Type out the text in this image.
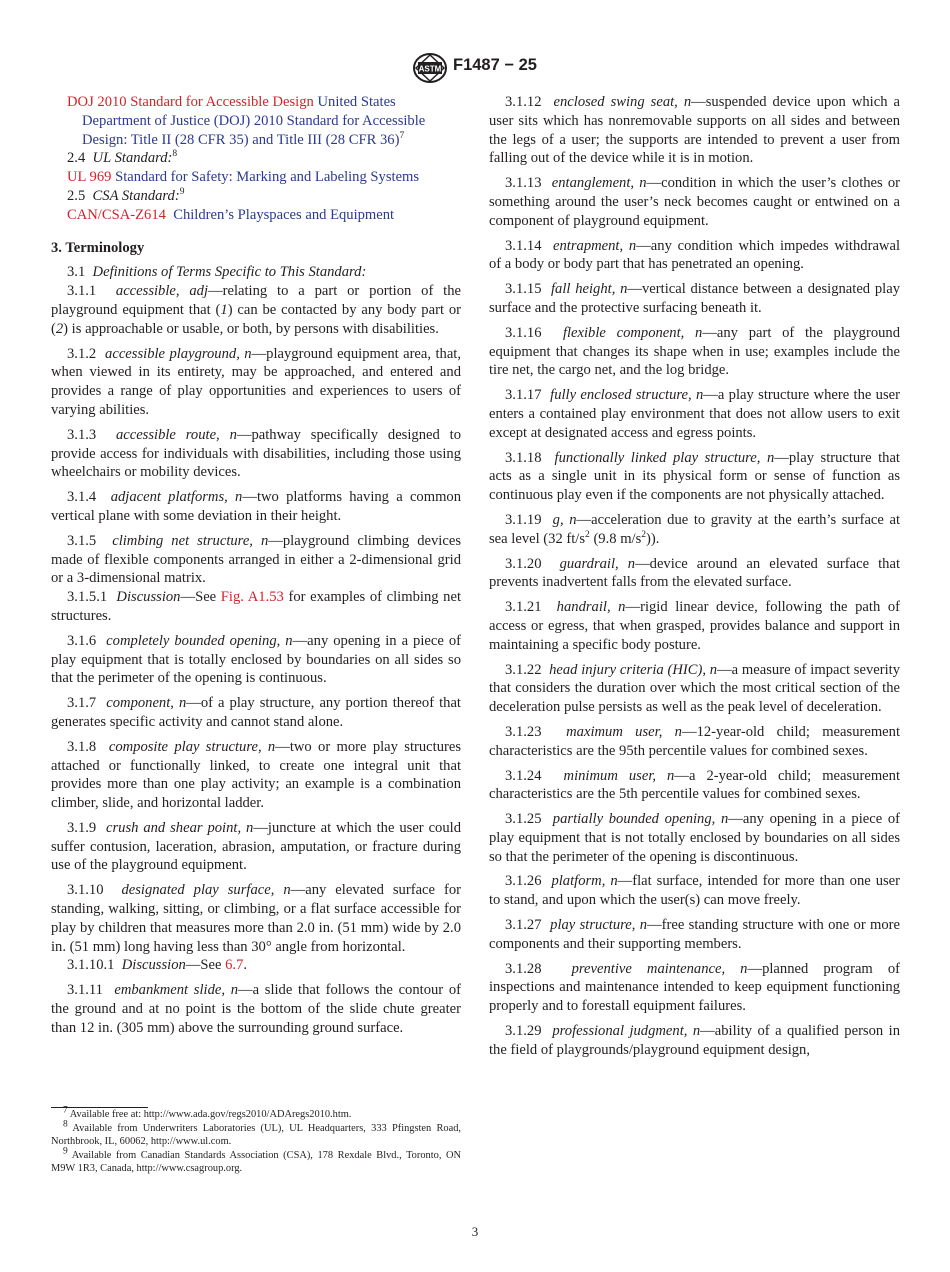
ASTM F1487 − 25

DOJ 2010 Standard for Accessible Design United States Department of Justice (DOJ) 2010 Standard for Accessible Design: Title II (28 CFR 35) and Title III (28 CFR 36)$^7$

2.4 UL Standard:$^8$

UL 969 Standard for Safety: Marking and Labeling Systems

2.5 CSA Standard:$^9$

CAN/CSA-Z614 Children’s Playspaces and Equipment

3. Terminology

3.1 Definitions of Terms Specific to This Standard:

3.1.1 accessible, adj—relating to a part or portion of the playground equipment that (1) can be contacted by any body part or (2) is approachable or usable, or both, by persons with disabilities.

3.1.2 accessible playground, n—playground equipment area, that, when viewed in its entirety, may be approached, and entered and provides a range of play opportunities and experiences to users of varying abilities.

3.1.3 accessible route, n—pathway specifically designed to provide access for individuals with disabilities, including those using wheelchairs or mobility devices.

3.1.4 adjacent platforms, n—two platforms having a common vertical plane with some deviation in their height.

3.1.5 climbing net structure, n—playground climbing devices made of flexible components arranged in either a 2-dimensional grid or a 3-dimensional matrix.

3.1.5.1 Discussion—See Fig. A1.53 for examples of climbing net structures.

3.1.6 completely bounded opening, n—any opening in a piece of play equipment that is totally enclosed by boundaries on all sides so that the perimeter of the opening is continuous.

3.1.7 component, n—of a play structure, any portion thereof that generates specific activity and cannot stand alone.

3.1.8 composite play structure, n—two or more play structures attached or functionally linked, to create one integral unit that provides more than one play activity; an example is a combination climber, slide, and horizontal ladder.

3.1.9 crush and shear point, n—juncture at which the user could suffer contusion, laceration, abrasion, amputation, or fracture during use of the playground equipment.

3.1.10 designated play surface, n—any elevated surface for standing, walking, sitting, or climbing, or a flat surface accessible for play by children that measures more than 2.0 in. (51 mm) wide by 2.0 in. (51 mm) long having less than 30° angle from horizontal.

3.1.10.1 Discussion—See 6.7.

3.1.11 embankment slide, n—a slide that follows the contour of the ground and at no point is the bottom of the slide chute greater than 12 in. (305 mm) above the surrounding ground surface.

$^7$ Available free at: http://www.ada.gov/regs2010/ADAregs2010.htm.

$^8$ Available from Underwriters Laboratories (UL), UL Headquarters, 333 Pfingsten Road, Northbrook, IL, 60062, http://www.ul.com.

$^9$ Available from Canadian Standards Association (CSA), 178 Rexdale Blvd., Toronto, ON M9W 1R3, Canada, http://www.csagroup.org.

3.1.12 enclosed swing seat, n—suspended device upon which a user sits which has nonremovable supports on all sides and between the legs of a user; the supports are intended to prevent a user from falling out of the device while it is in motion.

3.1.13 entanglement, n—condition in which the user’s clothes or something around the user’s neck becomes caught or entwined on a component of playground equipment.

3.1.14 entrapment, n—any condition which impedes withdrawal of a body or body part that has penetrated an opening.

3.1.15 fall height, n—vertical distance between a designated play surface and the protective surfacing beneath it.

3.1.16 flexible component, n—any part of the playground equipment that changes its shape when in use; examples include the tire net, the cargo net, and the log bridge.

3.1.17 fully enclosed structure, n—a play structure where the user enters a contained play environment that does not allow users to exit except at designated access and egress points.

3.1.18 functionally linked play structure, n—play structure that acts as a single unit in its physical form or sense of function as continuous play even if the components are not physically attached.

3.1.19 g, n—acceleration due to gravity at the earth’s surface at sea level (32 $ft/s^2$ (9.8 $m/s^2$)).

3.1.20 guardrail, n—device around an elevated surface that prevents inadvertent falls from the elevated surface.

3.1.21 handrail, n—rigid linear device, following the path of access or egress, that when grasped, provides balance and support in maintaining a specific body posture.

3.1.22 head injury criteria (HIC), n—a measure of impact severity that considers the duration over which the most critical section of the deceleration pulse persists as well as the peak level of deceleration.

3.1.23 maximum user, n—12-year-old child; measurement characteristics are the 95th percentile values for combined sexes.

3.1.24 minimum user, n—a 2-year-old child; measurement characteristics are the 5th percentile values for combined sexes.

3.1.25 partially bounded opening, n—any opening in a piece of play equipment that is not totally enclosed by boundaries on all sides so that the perimeter of the opening is discontinuous.

3.1.26 platform, n—flat surface, intended for more than one user to stand, and upon which the user(s) can move freely.

3.1.27 play structure, n—free standing structure with one or more components and their supporting members.

3.1.28 preventive maintenance, n—planned program of inspections and maintenance intended to keep equipment functioning properly and to forestall equipment failures.

3.1.29 professional judgment, n—ability of a qualified person in the field of playgrounds/playground equipment design,

3
